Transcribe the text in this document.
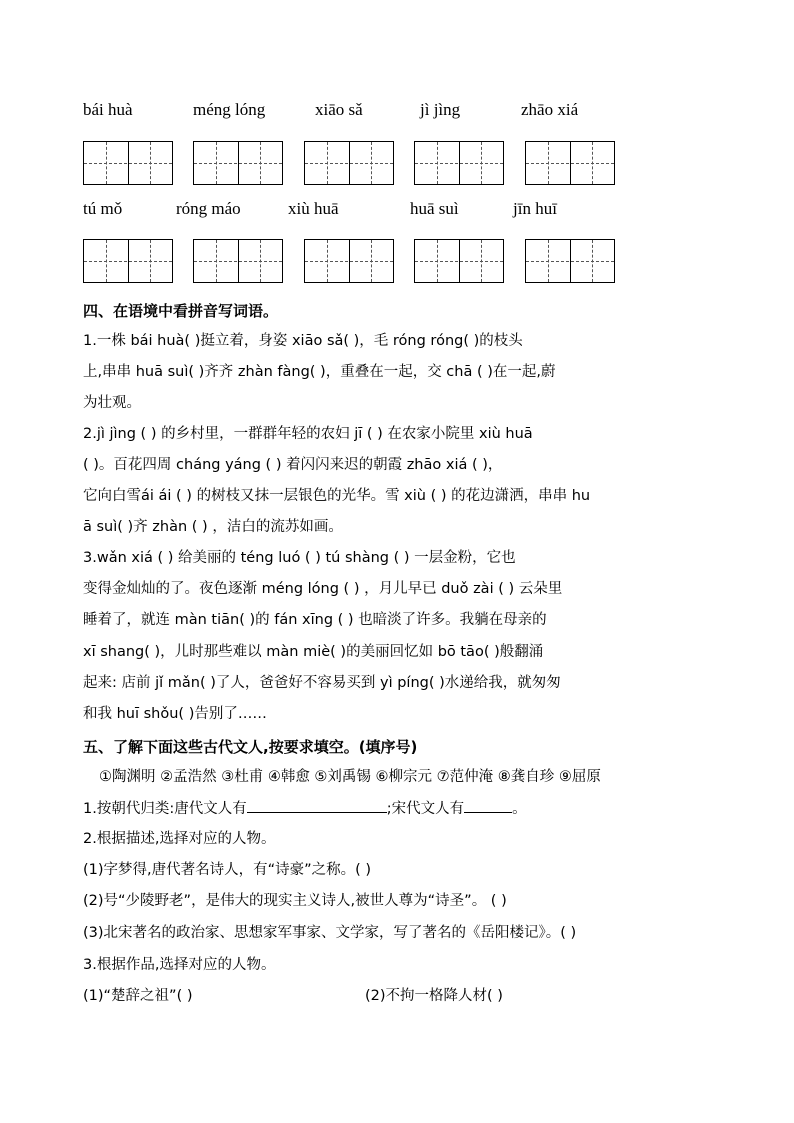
bái huà	méng lóng	xiāo sǎ	jì jìng	zhāo xiá
tú mǒ	róng máo	xiù huā	huā suì	jīn huī
四、在语境中看拼音写词语。
1.一株 bái huà( )挺立着，身姿 xiāo sǎ( )，毛 róng róng( )的枝头
上,串串 huā suì( )齐齐 zhàn fàng( )，重叠在一起，交 chā ( )在一起,蔚
为壮观。
2.jì jìng ( ) 的乡村里，一群群年轻的农妇 jī ( ) 在农家小院里 xiù huā
( )。百花四周 cháng yáng ( ) 着闪闪来迟的朝霞 zhāo xiá ( )，
它向白雪ái ái ( ) 的树枝又抹一层银色的光华。雪 xiù ( ) 的花边潇洒，串串 hu
ā suì( )齐 zhàn ( ) ，洁白的流苏如画。
3.wǎn xiá ( ) 给美丽的 téng luó ( ) tú shàng ( ) 一层金粉，它也
变得金灿灿的了。夜色逐渐 méng lóng ( ) ，月儿早已 duǒ zài ( ) 云朵里
睡着了，就连 màn tiān( )的 fán xīng ( ) 也暗淡了许多。我躺在母亲的
xī shang( )，儿时那些难以 màn miè( )的美丽回忆如 bō tāo( )般翻涌
起来: 店前 jǐ mǎn( )了人，爸爸好不容易买到 yì píng( )水递给我，就匆匆
和我 huī shǒu( )告别了……
五、了解下面这些古代文人,按要求填空。(填序号)
①陶渊明 ②孟浩然 ③杜甫 ④韩愈 ⑤刘禹锡 ⑥柳宗元 ⑦范仲淹 ⑧龚自珍 ⑨屈原
1.按朝代归类:唐代文人有	;宋代文人有	。
2.根据描述,选择对应的人物。
(1)字梦得,唐代著名诗人，有“诗豪”之称。( )
(2)号“少陵野老”，是伟大的现实主义诗人,被世人尊为“诗圣”。 ( )
(3)北宋著名的政治家、思想家军事家、文学家，写了著名的《岳阳楼记》。( )
3.根据作品,选择对应的人物。
(1)“楚辞之祖”( )	(2)不拘一格降人材( )
